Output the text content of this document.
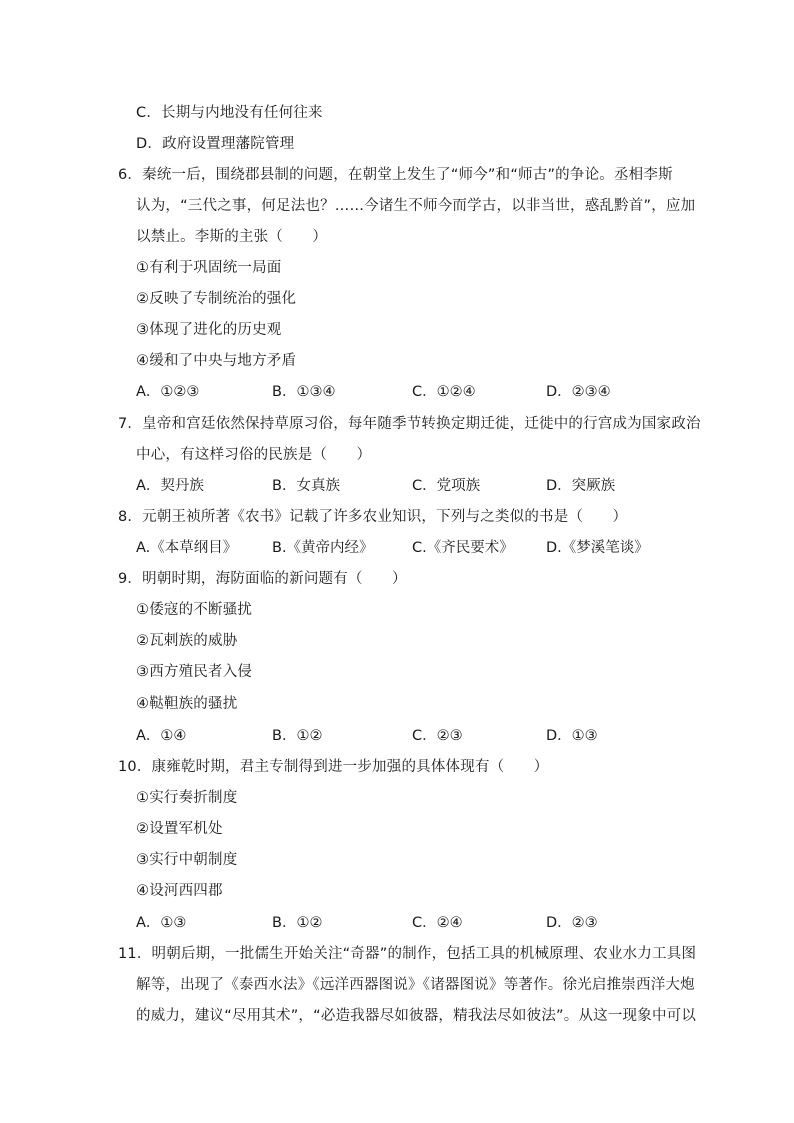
C．长期与内地没有任何往来
D．政府设置理藩院管理
6．秦统一后，围绕郡县制的问题，在朝堂上发生了“师今”和“师古”的争论。丞相李斯
认为，“三代之事，何足法也？……今诸生不师今而学古，以非当世，惑乱黔首”，应加
以禁止。李斯的主张（　　）
①有利于巩固统一局面
②反映了专制统治的强化
③体现了进化的历史观
④缓和了中央与地方矛盾
A．①②③	B．①③④	C．①②④	D．②③④
7．皇帝和宫廷依然保持草原习俗，每年随季节转换定期迁徙，迁徙中的行宫成为国家政治
中心，有这样习俗的民族是（　　）
A．契丹族	B．女真族	C．党项族	D．突厥族
8．元朝王祯所著《农书》记载了许多农业知识，下列与之类似的书是（　　）
A.《本草纲目》 B.《黄帝内经》	C.《齐民要术》 D.《梦溪笔谈》
9．明朝时期，海防面临的新问题有（　　）
①倭寇的不断骚扰
②瓦剌族的威胁
③西方殖民者入侵
④鞑靼族的骚扰
A．①④	B．①②	C．②③	D．①③
10．康雍乾时期，君主专制得到进一步加强的具体体现有（　　）
①实行奏折制度
②设置军机处
③实行中朝制度
④设河西四郡
A．①③	B．①②	C．②④	D．②③
11．明朝后期，一批儒生开始关注“奇器”的制作，包括工具的机械原理、农业水力工具图
解等，出现了《泰西水法》《远洋西器图说》《诸器图说》等著作。徐光启推崇西洋大炮
的威力，建议“尽用其术”，“必造我器尽如彼器，精我法尽如彼法”。从这一现象中可以
